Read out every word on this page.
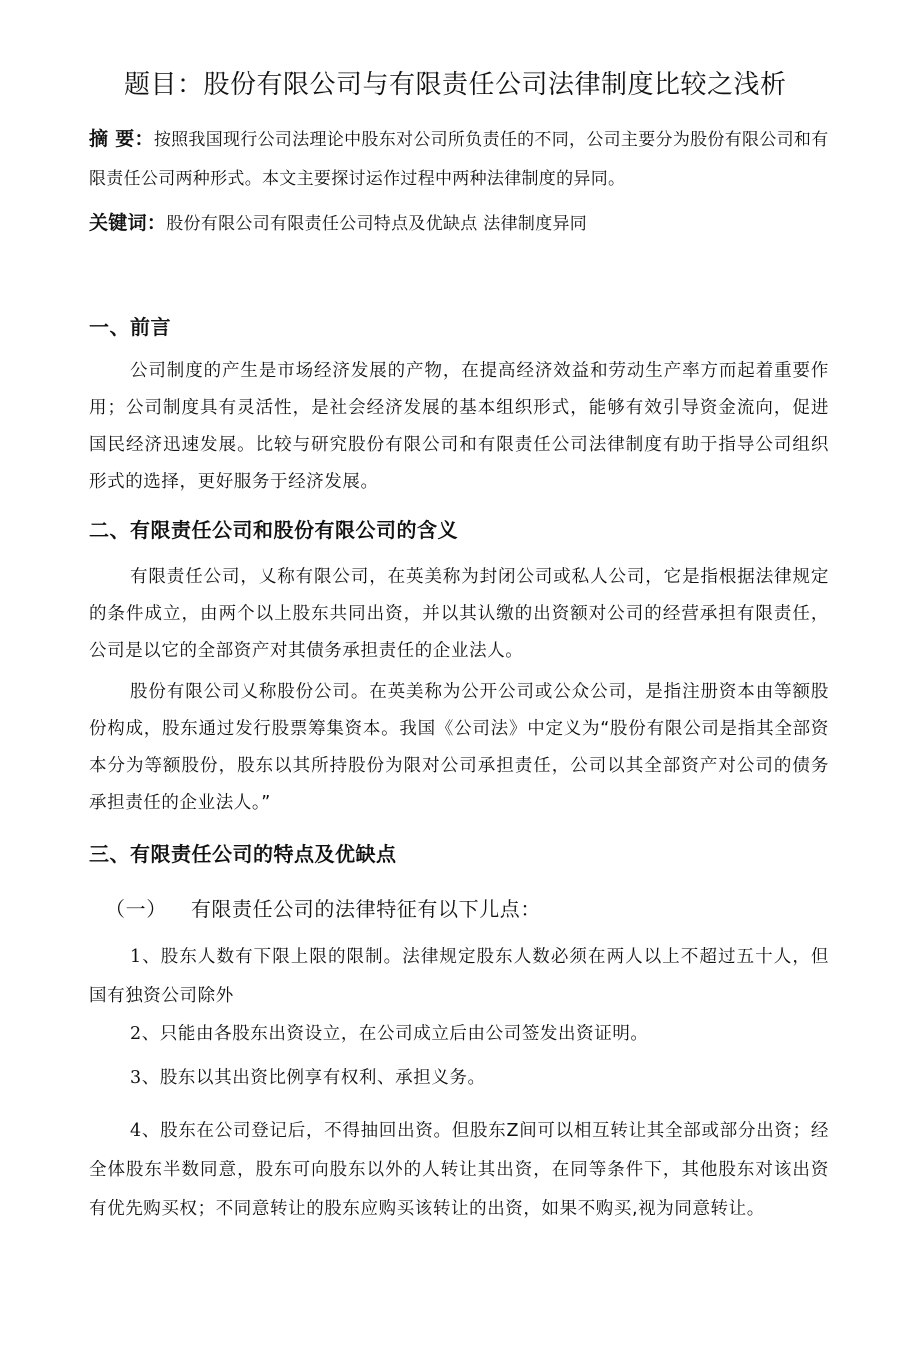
题目：股份有限公司与有限责任公司法律制度比较之浅析
摘 要：按照我国现行公司法理论中股东对公司所负责任的不同，公司主要分为股份有限公司和有限责任公司两种形式。本文主要探讨运作过程中两种法律制度的异同。
关键词：股份有限公司有限责任公司特点及优缺点 法律制度异同
一、前言
公司制度的产生是市场经济发展的产物，在提高经济效益和劳动生产率方而起着重要作用；公司制度具有灵活性，是社会经济发展的基本组织形式，能够有效引导资金流向，促进国民经济迅速发展。比较与研究股份有限公司和有限责任公司法律制度有助于指导公司组织形式的选择，更好服务于经济发展。
二、有限责任公司和股份有限公司的含义
有限责任公司，乂称有限公司，在英美称为封闭公司或私人公司，它是指根据法律规定的条件成立，由两个以上股东共同出资，并以其认缴的出资额对公司的经营承担有限责任，公司是以它的全部资产对其债务承担责任的企业法人。
股份有限公司乂称股份公司。在英美称为公开公司或公众公司，是指注册资本由等额股份构成，股东通过发行股票筹集资本。我国《公司法》中定义为“股份有限公司是指其全部资本分为等额股份，股东以其所持股份为限对公司承担责任，公司以其全部资产对公司的债务承担责任的企业法人。”
三、有限责任公司的特点及优缺点
（一） 有限责任公司的法律特征有以下儿点：
1、股东人数有下限上限的限制。法律规定股东人数必须在两人以上不超过五十人，但国有独资公司除外
2、只能由各股东出资设立，在公司成立后由公司签发出资证明。
3、股东以其出资比例享有权利、承担义务。
4、股东在公司登记后，不得抽回出资。但股东Z间可以相互转让其全部或部分出资；经全体股东半数同意，股东可向股东以外的人转让其出资，在同等条件下，其他股东对该出资有优先购买权；不同意转让的股东应购买该转让的出资，如果不购买,视为同意转让。
